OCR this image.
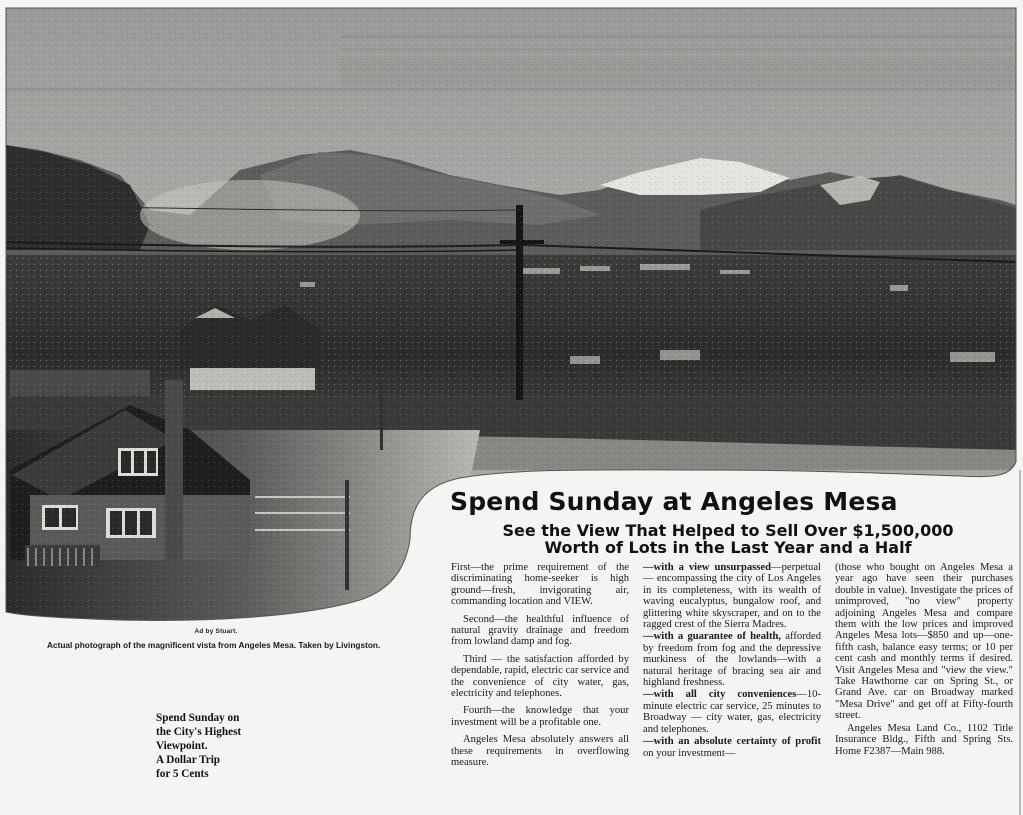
Ad by Stuart.
Actual photograph of the magnificent vista from Angeles Mesa. Taken by Livingston.
Spend Sunday on
the City's Highest
Viewpoint.
A Dollar Trip
for 5 Cents
Spend Sunday at Angeles Mesa
See the View That Helped to Sell Over $1,500,000
Worth of Lots in the Last Year and a Half

First—the prime requirement of the discriminating home-seeker is high ground—fresh, invigorating air, commanding location and VIEW.

Second—the healthful influence of natural gravity drainage and freedom from lowland damp and fog.

Third — the satisfaction afforded by dependable, rapid, electric car service and the convenience of city water, gas, electricity and telephones.

Fourth—the knowledge that your investment will be a profitable one.

Angeles Mesa absolutely answers all these requirements in overflowing measure.

—with a view unsurpassed—perpetual — encompassing the city of Los Angeles in its completeness, with its wealth of waving eucalyptus, bungalow roof, and glittering white skyscraper, and on to the ragged crest of the Sierra Madres.

—with a guarantee of health, afforded by freedom from fog and the depressive murkiness of the lowlands—with a natural heritage of bracing sea air and highland freshness.

—with all city conveniences—10-minute electric car service, 25 minutes to Broadway — city water, gas, electricity and telephones.

—with an absolute certainty of profit on your investment—

(those who bought on Angeles Mesa a year ago have seen their purchases double in value). Investigate the prices of unimproved, "no view" property adjoining Angeles Mesa and compare them with the low prices and improved Angeles Mesa lots—$850 and up—one-fifth cash, balance easy terms; or 10 per cent cash and monthly terms if desired. Visit Angeles Mesa and "view the view." Take Hawthorne car on Spring St., or Grand Ave. car on Broadway marked "Mesa Drive" and get off at Fifty-fourth street.

Angeles Mesa Land Co., 1102 Title Insurance Bldg., Fifth and Spring Sts. Home F2387—Main 988.
